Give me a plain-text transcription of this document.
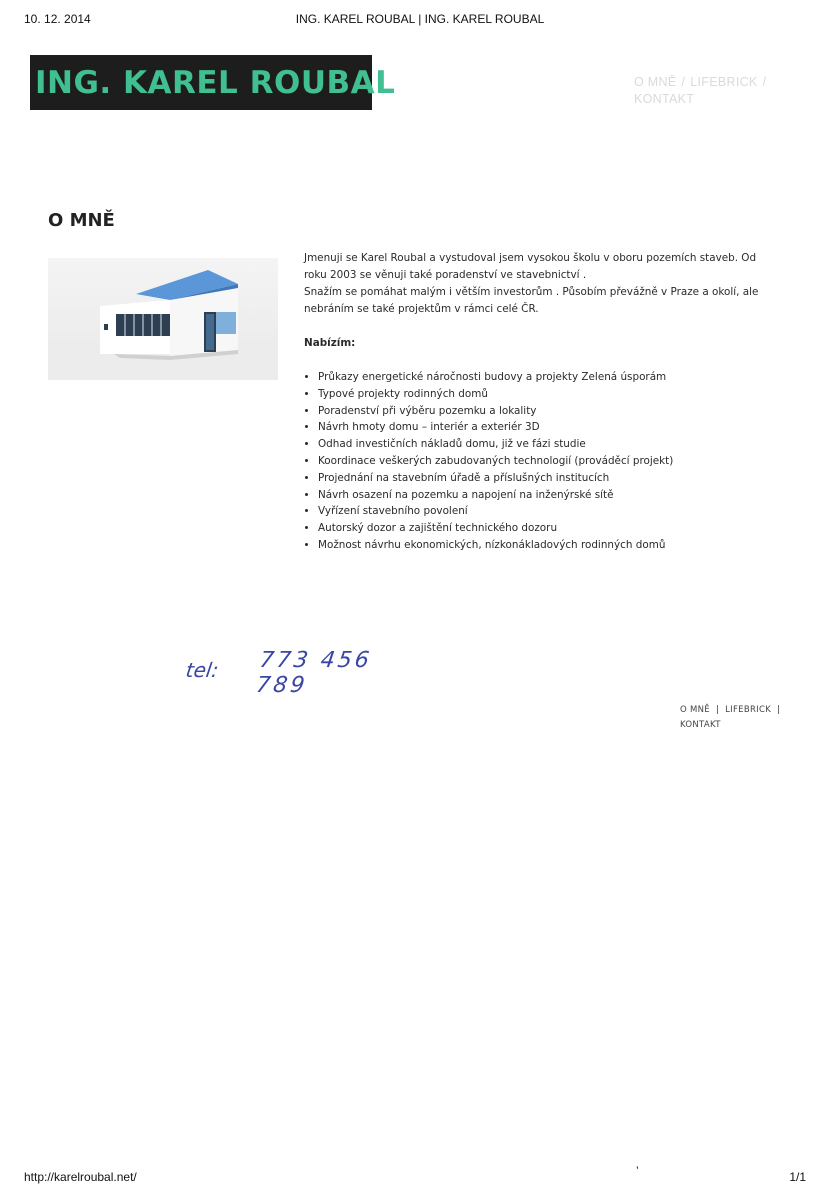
10. 12. 2014	ING. KAREL ROUBAL | ING. KAREL ROUBAL
ING. KAREL ROUBAL	O MNĚ / LIFEBRICK /
KONTAKT
O MNĚ

Jmenuji se Karel Roubal a vystudoval jsem vysokou školu v oboru pozemích staveb. Od roku 2003 se věnuji také poradenství ve stavebnictví .

Snažím se pomáhat malým i větším investorům . Působím převážně v Praze a okolí, ale nebráním se také projektům v rámci celé ČR.

Nabízím:

• Průkazy energetické náročnosti budovy a projekty Zelená úsporám
• Typové projekty rodinných domů
• Poradenství při výběru pozemku a lokality
• Návrh hmoty domu – interiér a exteriér 3D
• Odhad investičních nákladů domu, již ve fázi studie
• Koordinace veškerých zabudovaných technologií (prováděcí projekt)
• Projednání na stavebním úřadě a příslušných institucích
• Návrh osazení na pozemku a napojení na inženýrské sítě
• Vyřízení stavebního povolení
• Autorský dozor a zajištění technického dozoru
• Možnost návrhu ekonomických, nízkonákladových rodinných domů
tel: 773 456 789
O MNĚ | LIFEBRICK |
KONTAKT
http://karelroubal.net/	’	1/1
